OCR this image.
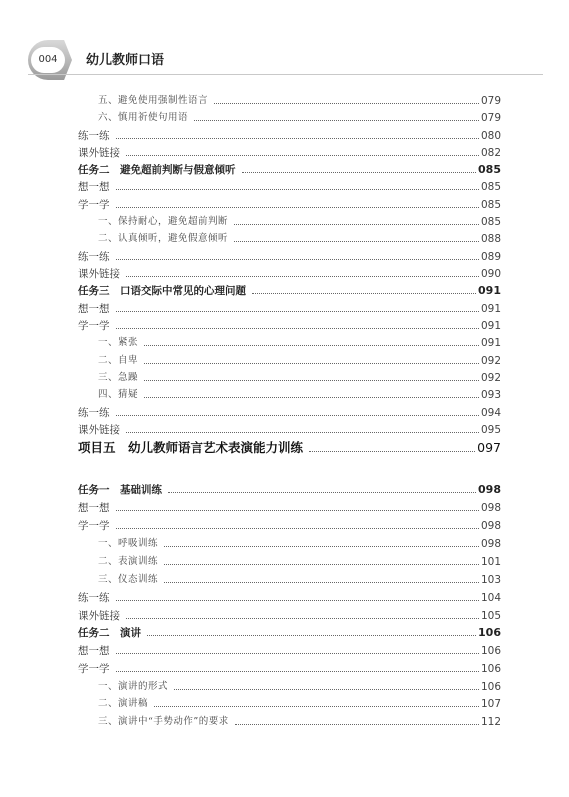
004	幼儿教师口语
五、避免使用强制性语言	079
六、慎用祈使句用语	079
练一练	080
课外链接	082
任务二　避免超前判断与假意倾听	085
想一想	085
学一学	085
一、保持耐心，避免超前判断	085
二、认真倾听，避免假意倾听	088
练一练	089
课外链接	090
任务三　口语交际中常见的心理问题	091
想一想	091
学一学	091
一、紧张	091
二、自卑	092
三、急躁	092
四、猜疑	093
练一练	094
课外链接	095
项目五　幼儿教师语言艺术表演能力训练	097
任务一　基础训练	098
想一想	098
学一学	098
一、呼吸训练	098
二、表演训练	101
三、仪态训练	103
练一练	104
课外链接	105
任务二　演讲	106
想一想	106
学一学	106
一、演讲的形式	106
二、演讲稿	107
三、演讲中“手势动作”的要求	112
